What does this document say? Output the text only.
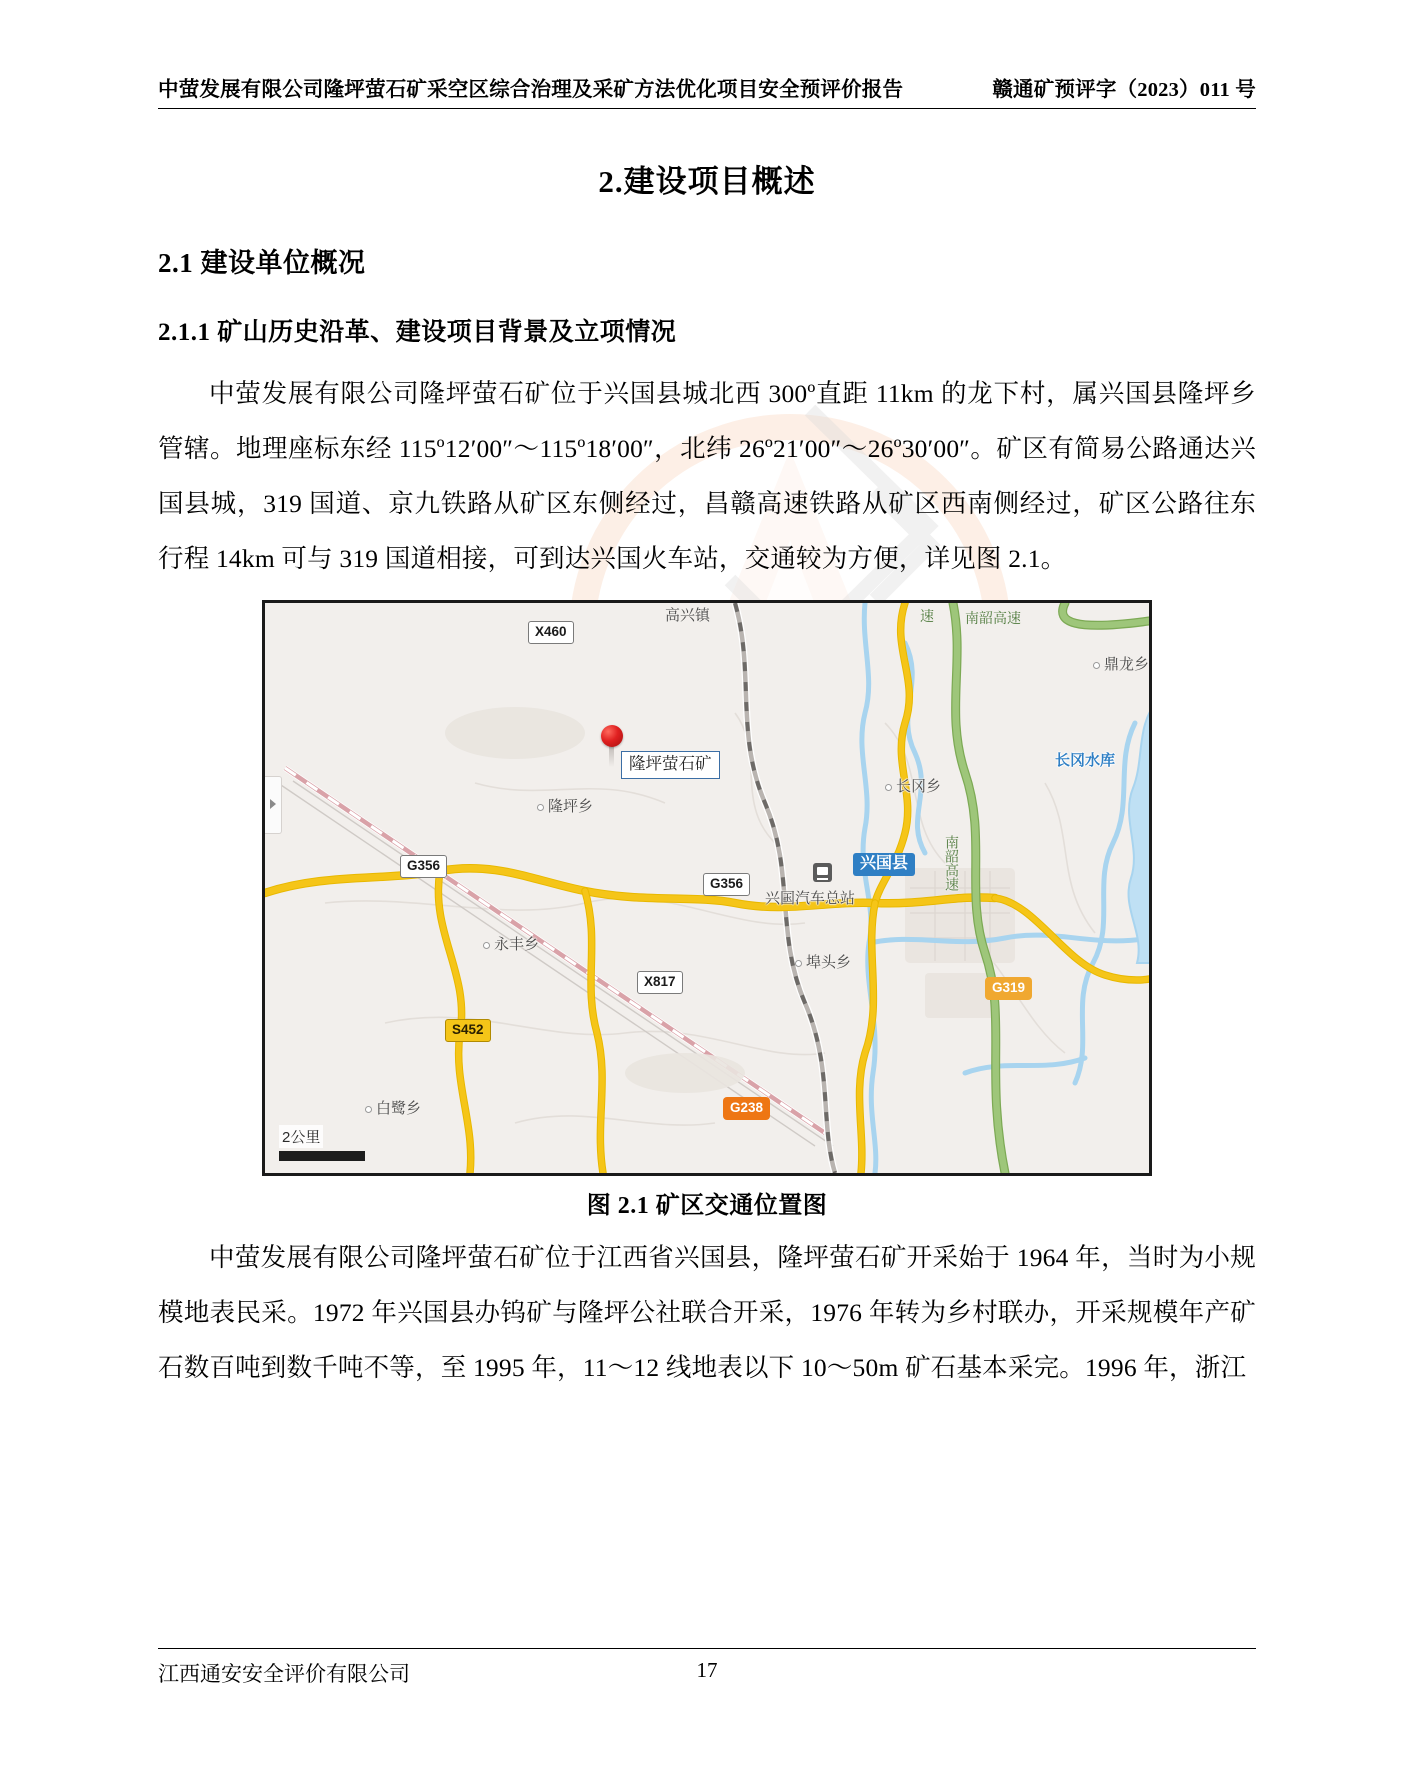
中萤发展有限公司隆坪萤石矿采空区综合治理及采矿方法优化项目安全预评价报告	赣通矿预评字（2023）011 号
2.建设项目概述
2.1 建设单位概况
2.1.1 矿山历史沿革、建设项目背景及立项情况

中萤发展有限公司隆坪萤石矿位于兴国县城北西 300º直距 11km 的龙下村，属兴国县隆坪乡管辖。地理座标东经 115º12′00″～115º18′00″，北纬 26º21′00″～26º30′00″。矿区有简易公路通达兴国县城，319 国道、京九铁路从矿区东侧经过，昌赣高速铁路从矿区西南侧经过，矿区公路往东行程 14km 可与 319 国道相接，可到达兴国火车站，交通较为方便，详见图 2.1。

X460
G356
G356
X817
S452
G319
G238
高兴镇
隆坪乡
永丰乡
白鹭乡
埠头乡
长冈乡
鼎龙乡
兴国县
兴国汽车总站
长冈水库
南韶高速
南韶高速
速
隆坪萤石矿
2公里
图 2.1 矿区交通位置图

中萤发展有限公司隆坪萤石矿位于江西省兴国县，隆坪萤石矿开采始于 1964 年，当时为小规模地表民采。1972 年兴国县办钨矿与隆坪公社联合开采，1976 年转为乡村联办，开采规模年产矿石数百吨到数千吨不等，至 1995 年，11～12 线地表以下 10～50m 矿石基本采完。1996 年，浙江

江西通安安全评价有限公司	17
